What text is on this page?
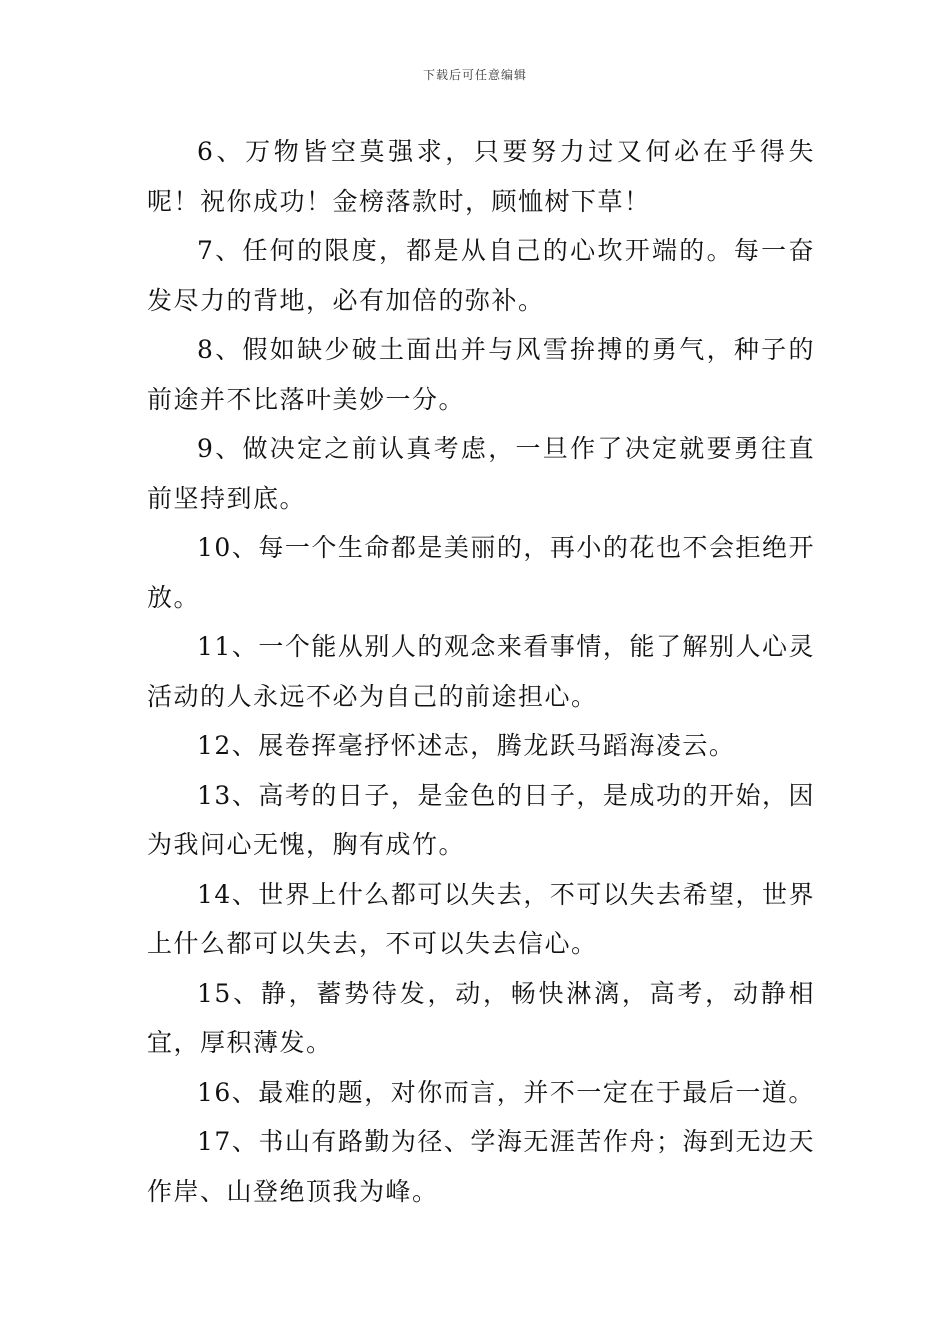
下载后可任意编辑

6、万物皆空莫强求，只要努力过又何必在乎得失呢！祝你成功！金榜落款时，顾恤树下草！

7、任何的限度，都是从自己的心坎开端的。每一奋发尽力的背地，必有加倍的弥补。

8、假如缺少破土面出并与风雪拚搏的勇气，种子的前途并不比落叶美妙一分。

9、做决定之前认真考虑，一旦作了决定就要勇往直前坚持到底。

10、每一个生命都是美丽的，再小的花也不会拒绝开放。

11、一个能从别人的观念来看事情，能了解别人心灵活动的人永远不必为自己的前途担心。

12、展卷挥毫抒怀述志，腾龙跃马蹈海凌云。

13、高考的日子，是金色的日子，是成功的开始，因为我问心无愧，胸有成竹。

14、世界上什么都可以失去，不可以失去希望，世界上什么都可以失去，不可以失去信心。

15、静，蓄势待发，动，畅快淋漓，高考，动静相宜，厚积薄发。

16、最难的题，对你而言，并不一定在于最后一道。

17、书山有路勤为径、学海无涯苦作舟；海到无边天作岸、山登绝顶我为峰。
